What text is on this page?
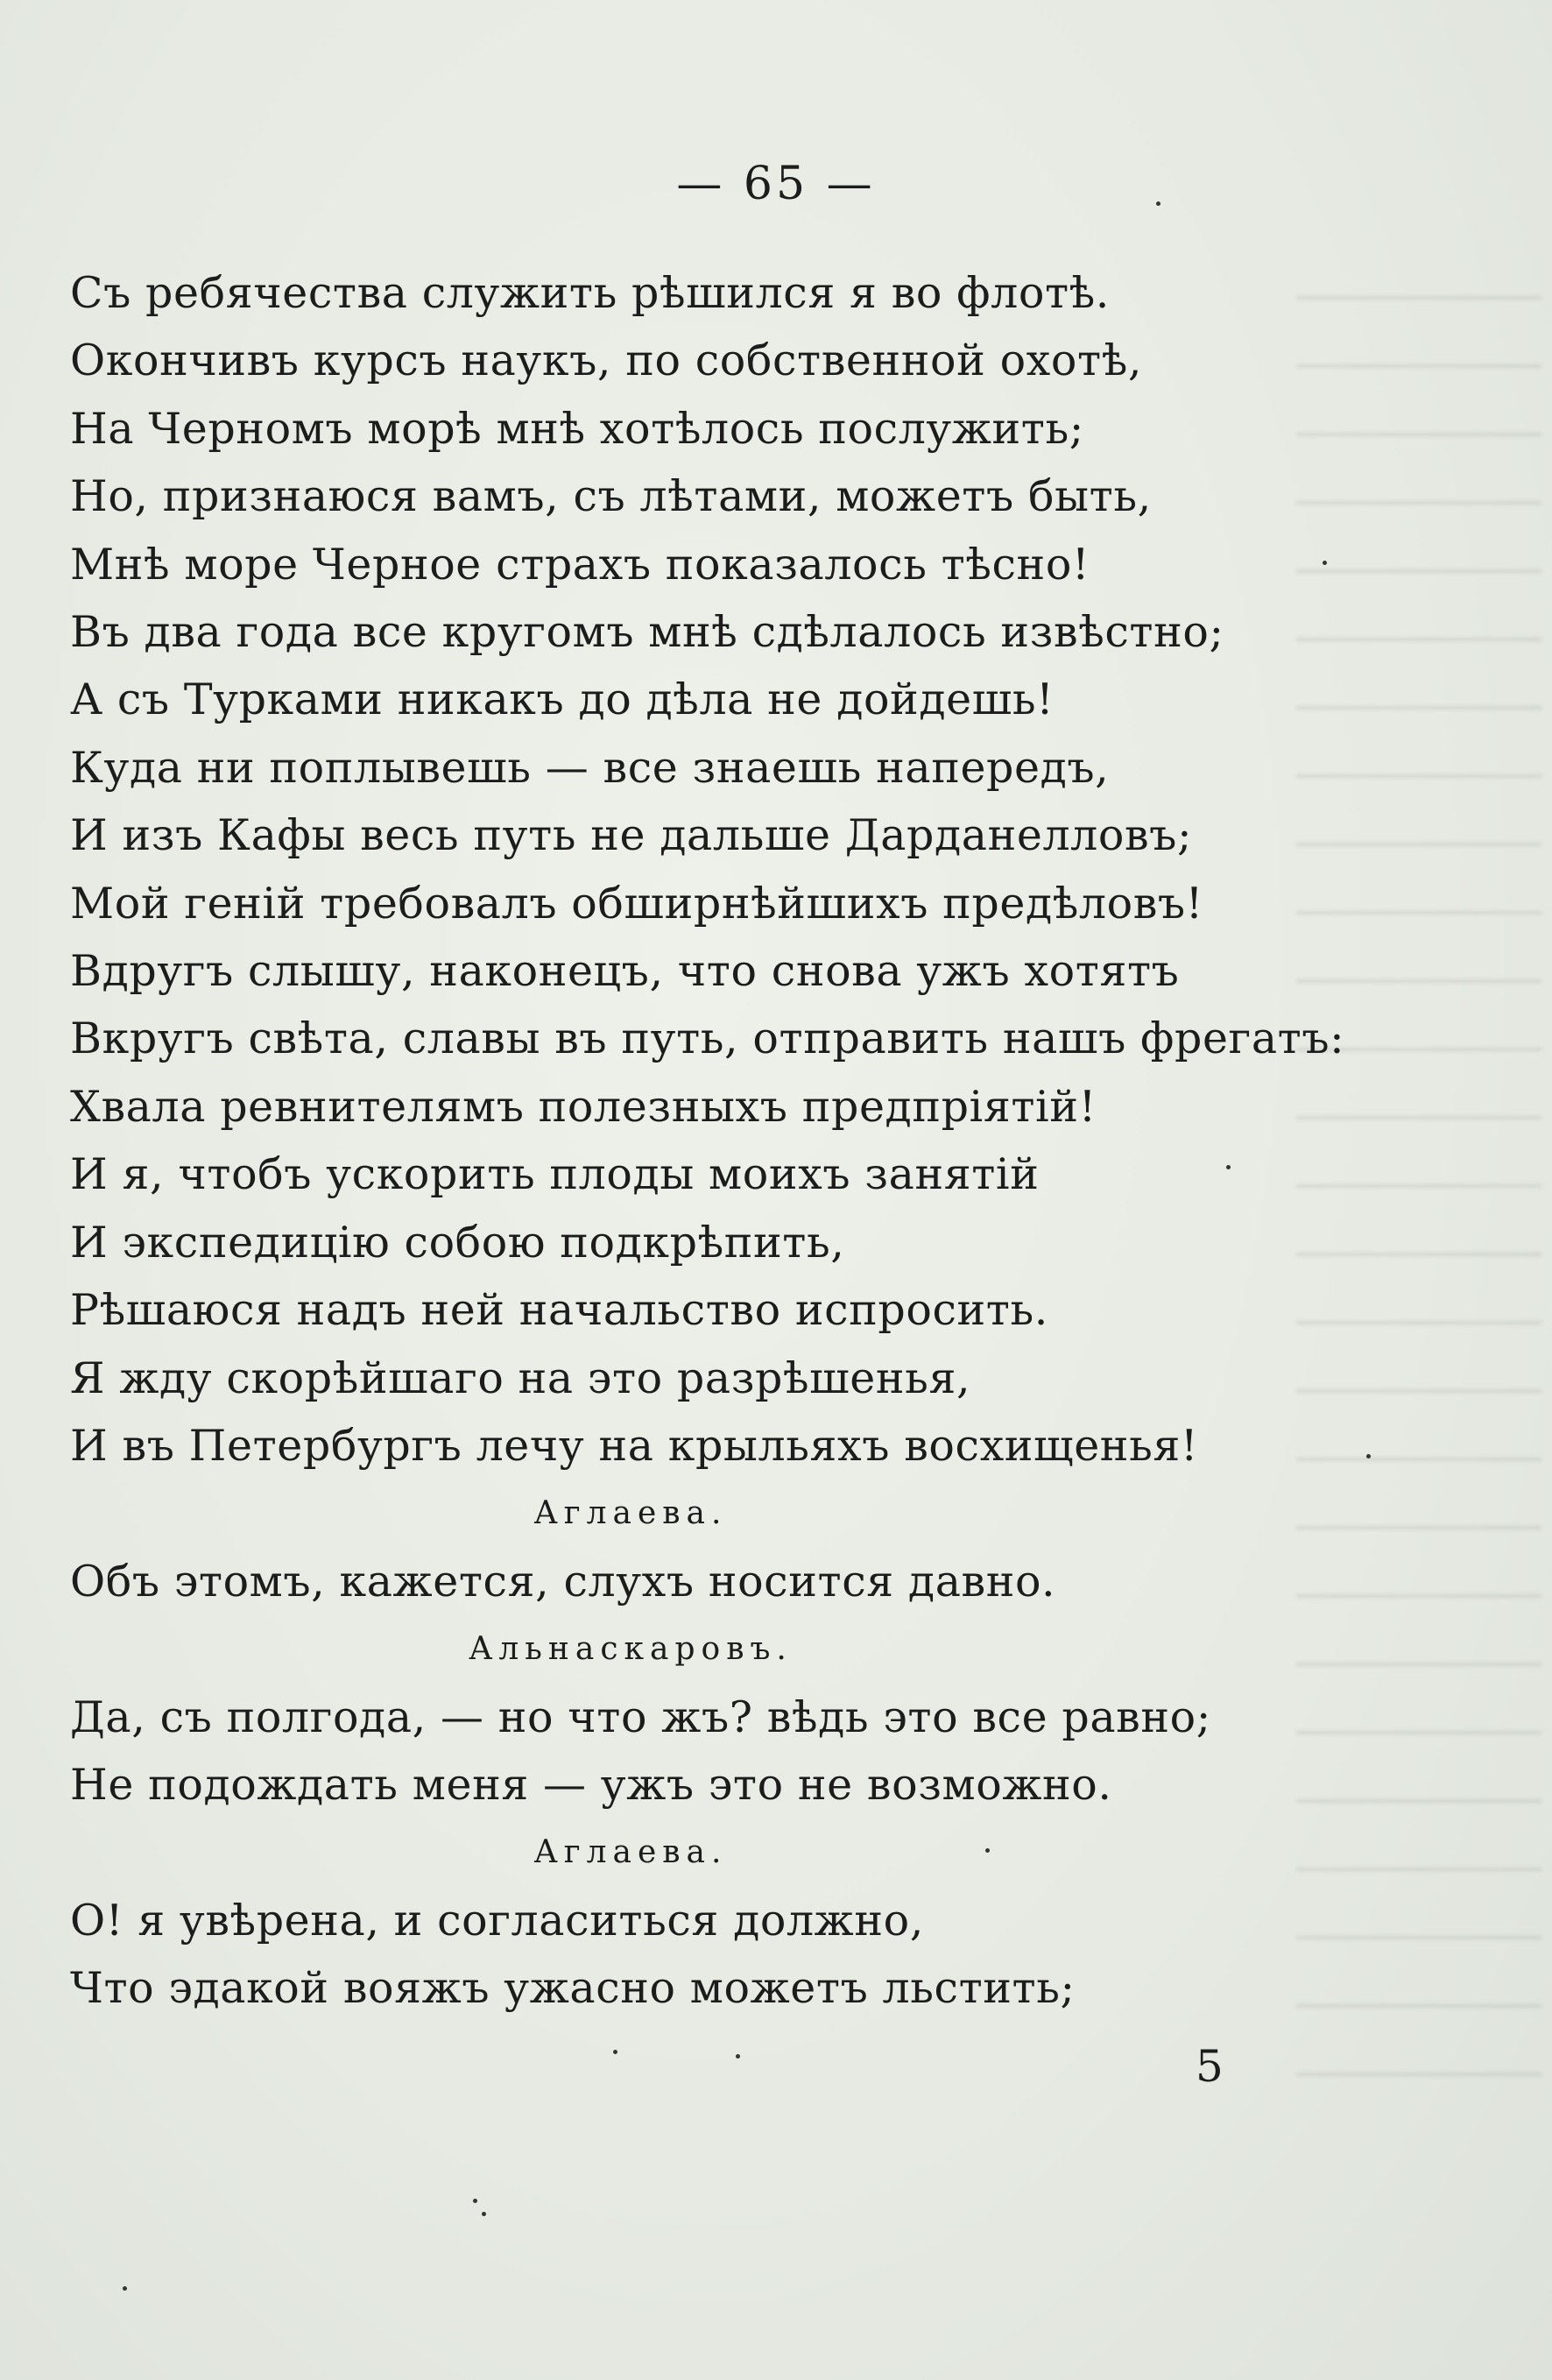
— 65 —
Съ ребячества служить рѣшился я во флотѣ.
Окончивъ курсъ наукъ, по собственной охотѣ,
На Черномъ морѣ мнѣ хотѣлось послужить;
Но, признаюся вамъ, съ лѣтами, можетъ быть,
Мнѣ море Черное страхъ показалось тѣсно!
Въ два года все кругомъ мнѣ сдѣлалось извѣстно;
А съ Турками никакъ до дѣла не дойдешь!
Куда ни поплывешь — все знаешь напередъ,
И изъ Кафы весь путь не дальше Дарданелловъ;
Мой геній требовалъ обширнѣйшихъ предѣловъ!
Вдругъ слышу, наконецъ, что снова ужъ хотятъ
Вкругъ свѣта, славы въ путь, отправить нашъ фрегатъ:
Хвала ревнителямъ полезныхъ предпріятій!
И я, чтобъ ускорить плоды моихъ занятій
И экспедицію собою подкрѣпить,
Рѣшаюся надъ ней начальство испросить.
Я жду скорѣйшаго на это разрѣшенья,
И въ Петербургъ лечу на крыльяхъ восхищенья!
Аглаева.
Объ этомъ, кажется, слухъ носится давно.
Альнаскаровъ.
Да, съ полгода, — но что жъ? вѣдь это все равно;
Не подождать меня — ужъ это не возможно.
Аглаева.
О! я увѣрена, и согласиться должно,
Что эдакой вояжъ ужасно можетъ льстить;
5
